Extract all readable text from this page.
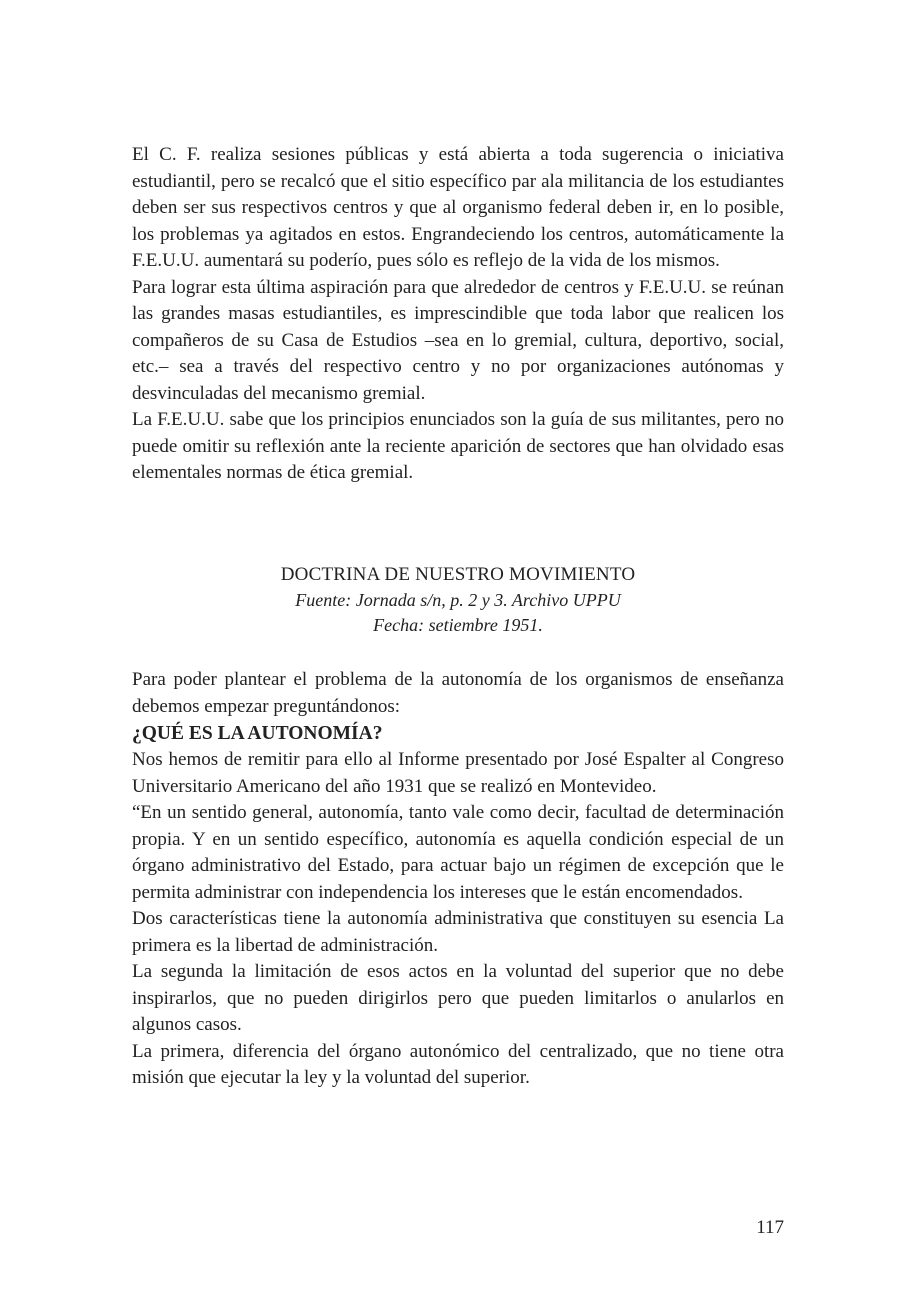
El C. F. realiza sesiones públicas y está abierta a toda sugerencia o iniciativa estudiantil, pero se recalcó que el sitio específico par ala militancia de los estudiantes deben ser sus respectivos centros y que al organismo federal deben ir, en lo posible, los problemas ya agitados en estos. Engrandeciendo los centros, automáticamente la F.E.U.U. aumentará su poderío, pues sólo es reflejo de la vida de los mismos.

Para lograr esta última aspiración para que alrededor de centros y F.E.U.U. se reúnan las grandes masas estudiantiles, es imprescindible que toda labor que realicen los compañeros de su Casa de Estudios –sea en lo gremial, cultura, deportivo, social, etc.– sea a través del respectivo centro y no por organizaciones autónomas y desvinculadas del mecanismo gremial.

La F.E.U.U. sabe que los principios enunciados son la guía de sus militantes, pero no puede omitir su reflexión ante la reciente aparición de sectores que han olvidado esas elementales normas de ética gremial.

DOCTRINA DE NUESTRO MOVIMIENTO
Fuente: Jornada s/n, p. 2 y 3. Archivo UPPU
Fecha: setiembre 1951.

Para poder plantear el problema de la autonomía de los organismos de enseñanza debemos empezar preguntándonos:

¿QUÉ ES LA AUTONOMÍA?

Nos hemos de remitir para ello al Informe presentado por José Espalter al Congreso Universitario Americano del año 1931 que se realizó en Montevideo.

“En un sentido general, autonomía, tanto vale como decir, facultad de determinación propia. Y en un sentido específico, autonomía es aquella condición especial de un órgano administrativo del Estado, para actuar bajo un régimen de excepción que le permita administrar con independencia los intereses que le están encomendados.

Dos características tiene la autonomía administrativa que constituyen su esencia La primera es la libertad de administración.

La segunda la limitación de esos actos en la voluntad del superior que no debe inspirarlos, que no pueden dirigirlos pero que pueden limitarlos o anularlos en algunos casos.

La primera, diferencia del órgano autonómico del centralizado, que no tiene otra misión que ejecutar la ley y la voluntad del superior.

117
